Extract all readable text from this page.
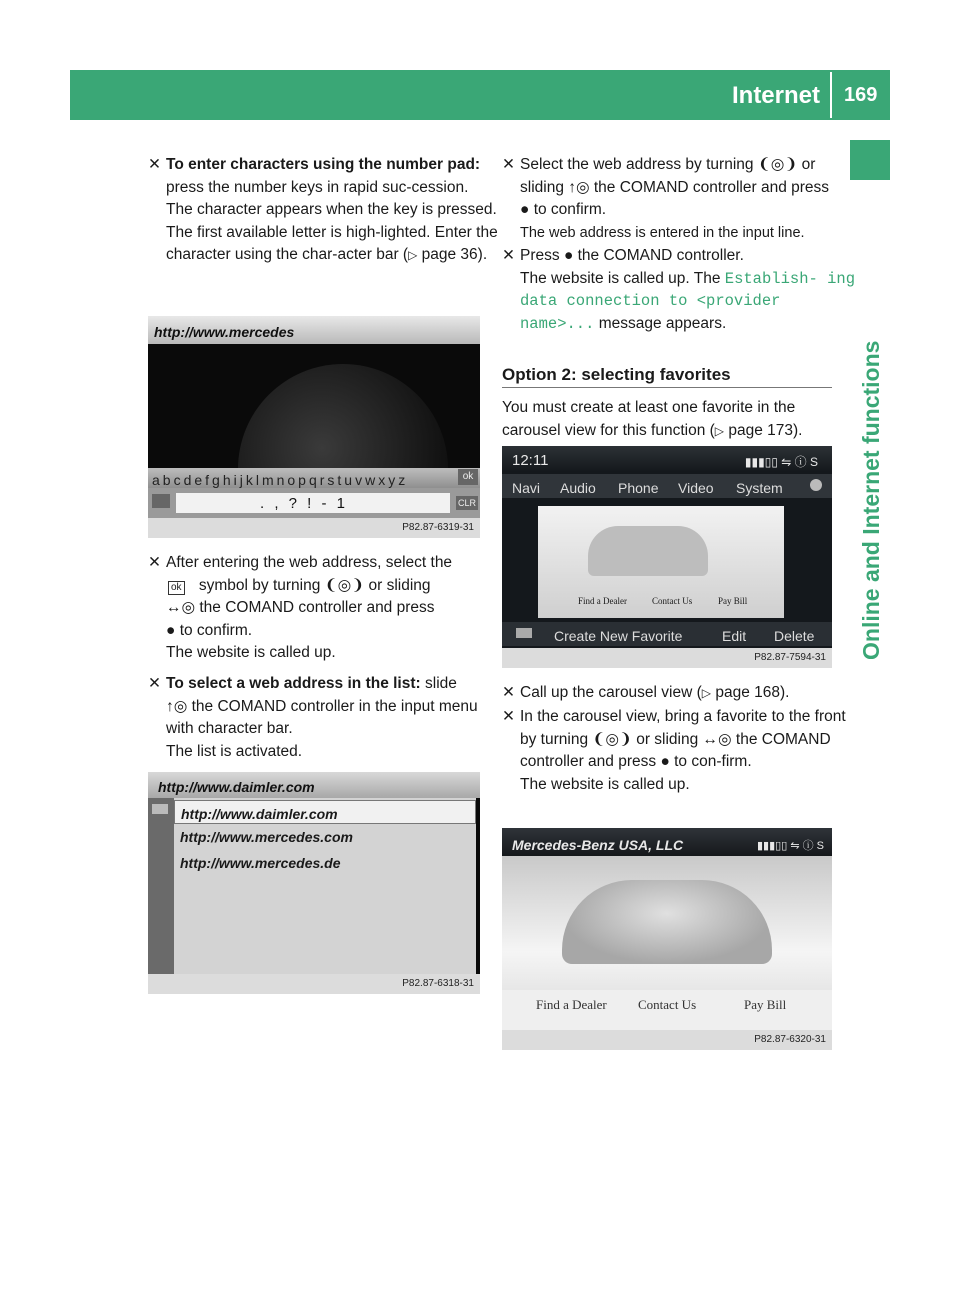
Internet 169
Online and Internet functions
✕ To enter characters using the number pad: press the number keys in rapid suc-cession.
The character appears when the key is pressed. The first available letter is high-lighted. Enter the character using the char-acter bar (▷ page 36).
http://www.mercedes
abcdefghijklmnopqrstuvwxyz	ok
. , ? ! - 1	CLR
P82.87-6319-31
✕ After entering the web address, select the
ok symbol by turning ❨◎❩ or sliding
↔◎ the COMAND controller and press
● to confirm.
The website is called up.
✕ To select a web address in the list: slide
↑◎ the COMAND controller in the input menu with character bar.
The list is activated.
http://www.daimler.com
http://www.daimler.com
http://www.mercedes.com
http://www.mercedes.de
P82.87-6318-31
✕ Select the web address by turning ❨◎❩ or sliding ↑◎ the COMAND controller and press
● to confirm.
The web address is entered in the input line.
✕ Press ● the COMAND controller.
The website is called up. The Establish‐ ing data connection to <provider name>... message appears.
Option 2: selecting favorites
You must create at least one favorite in the carousel view for this function (▷ page 173).
12:11	▮▮▮▯▯ ⇋ ⓘ S
Navi Audio Phone Video System
Find a Dealer	Contact Us	Pay Bill
Create New Favorite	Edit Delete
P82.87-7594-31
✕ Call up the carousel view (▷ page 168).
✕ In the carousel view, bring a favorite to the front by turning ❨◎❩ or sliding ↔◎ the COMAND controller and press ● to con-firm.
The website is called up.
Mercedes-Benz USA, LLC	▮▮▮▯▯ ⇋ ⓘ S
Find a Dealer Contact Us	Pay Bill
P82.87-6320-31
